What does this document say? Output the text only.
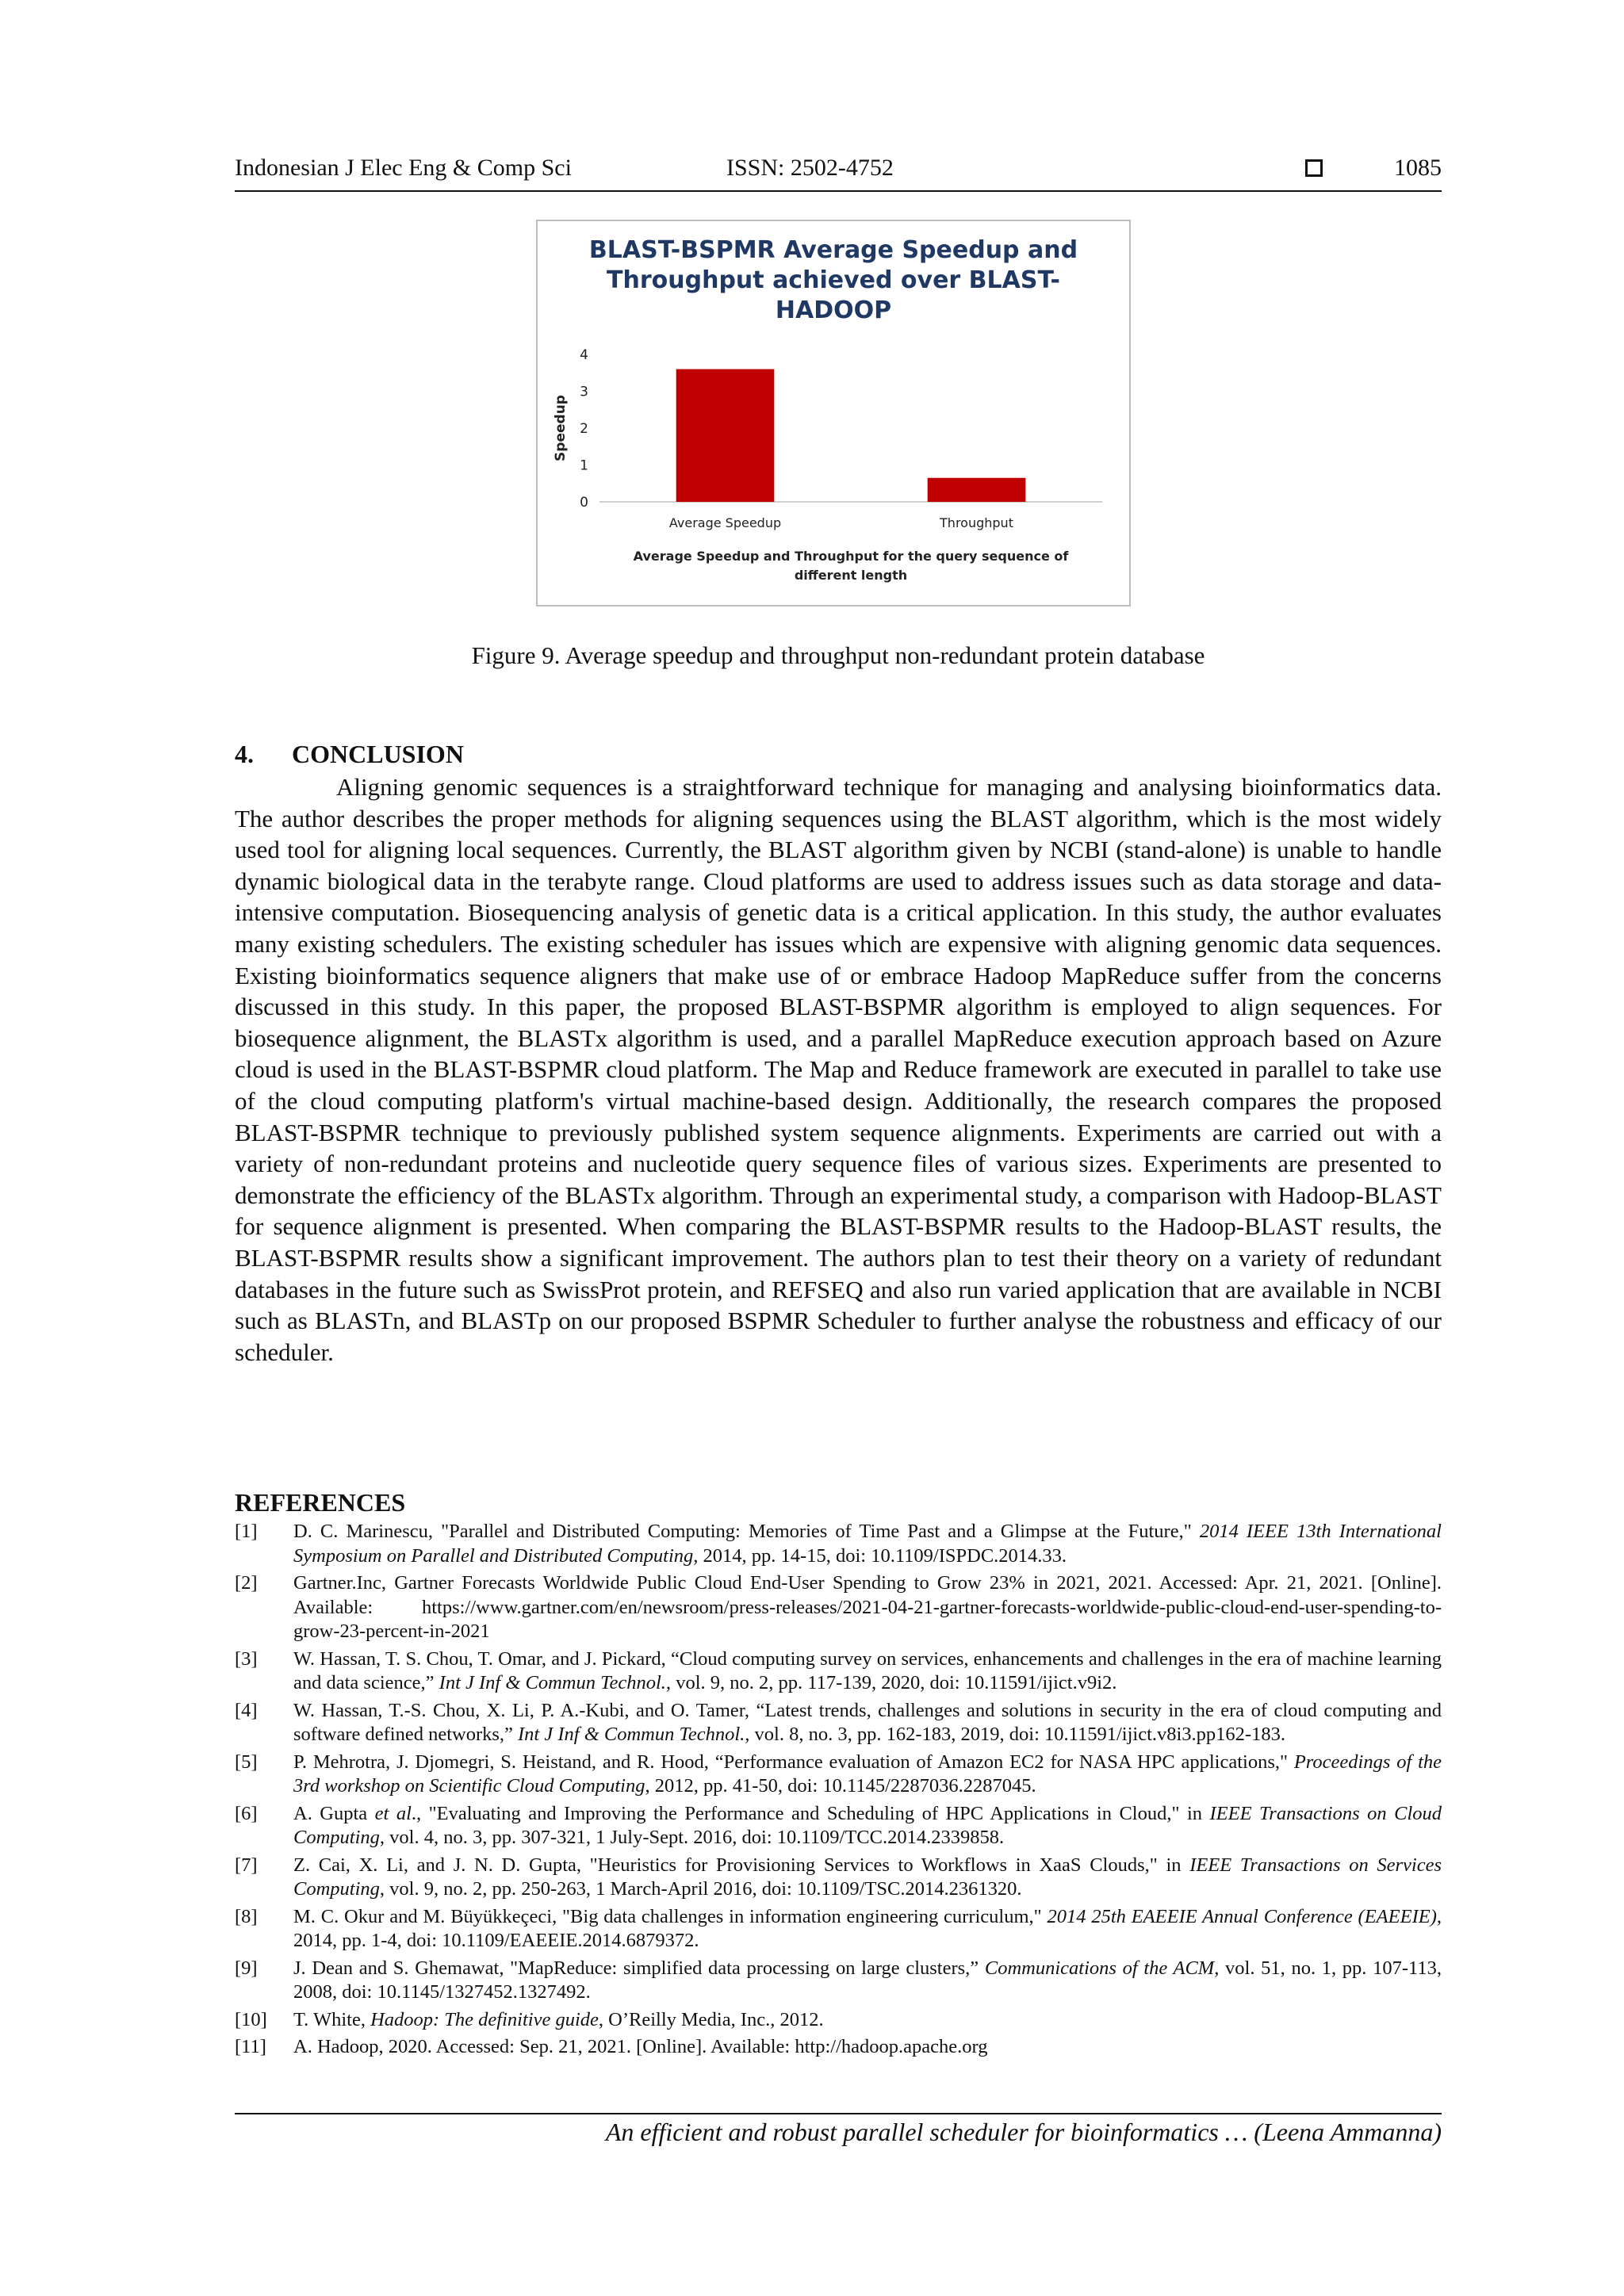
Indonesian J Elec Eng & Comp Sci	ISSN: 2502-4752	1085
BLAST-BSPMR Average Speedup and
Throughput achieved over BLAST-
HADOOP
0
1
2
3
4
Speedup
Average Speedup	Throughput
Average Speedup and Throughput for the query sequence of
different length
Figure 9. Average speedup and throughput non-redundant protein database
4. CONCLUSION

Aligning genomic sequences is a straightforward technique for managing and analysing bioinformatics data. The author describes the proper methods for aligning sequences using the BLAST algorithm, which is the most widely used tool for aligning local sequences. Currently, the BLAST algorithm given by NCBI (stand-alone) is unable to handle dynamic biological data in the terabyte range. Cloud platforms are used to address issues such as data storage and data-intensive computation. Biosequencing analysis of genetic data is a critical application. In this study, the author evaluates many existing schedulers. The existing scheduler has issues which are expensive with aligning genomic data sequences. Existing bioinformatics sequence aligners that make use of or embrace Hadoop MapReduce suffer from the concerns discussed in this study. In this paper, the proposed BLAST-BSPMR algorithm is employed to align sequences. For biosequence alignment, the BLASTx algorithm is used, and a parallel MapReduce execution approach based on Azure cloud is used in the BLAST-BSPMR cloud platform. The Map and Reduce framework are executed in parallel to take use of the cloud computing platform's virtual machine-based design. Additionally, the research compares the proposed BLAST-BSPMR technique to previously published system sequence alignments. Experiments are carried out with a variety of non-redundant proteins and nucleotide query sequence files of various sizes. Experiments are presented to demonstrate the efficiency of the BLASTx algorithm. Through an experimental study, a comparison with Hadoop-BLAST for sequence alignment is presented. When comparing the BLAST-BSPMR results to the Hadoop-BLAST results, the BLAST-BSPMR results show a significant improvement. The authors plan to test their theory on a variety of redundant databases in the future such as SwissProt protein, and REFSEQ and also run varied application that are available in NCBI such as BLASTn, and BLASTp on our proposed BSPMR Scheduler to further analyse the robustness and efficacy of our scheduler.

REFERENCES
[1]	D. C. Marinescu, "Parallel and Distributed Computing: Memories of Time Past and a Glimpse at the Future," 2014 IEEE 13th International Symposium on Parallel and Distributed Computing, 2014, pp. 14-15, doi: 10.1109/ISPDC.2014.33.
[2]	Gartner.Inc, Gartner Forecasts Worldwide Public Cloud End-User Spending to Grow 23% in 2021, 2021. Accessed: Apr. 21, 2021. [Online]. Available: https://www.gartner.com/en/newsroom/press-releases/2021-04-21-gartner-forecasts-worldwide-public-cloud-end-user-spending-to-grow-23-percent-in-2021
[3]	W. Hassan, T. S. Chou, T. Omar, and J. Pickard, “Cloud computing survey on services, enhancements and challenges in the era of machine learning and data science,” Int J Inf & Commun Technol., vol. 9, no. 2, pp. 117-139, 2020, doi: 10.11591/ijict.v9i2.
[4]	W. Hassan, T.-S. Chou, X. Li, P. A.-Kubi, and O. Tamer, “Latest trends, challenges and solutions in security in the era of cloud computing and software defined networks,” Int J Inf & Commun Technol., vol. 8, no. 3, pp. 162-183, 2019, doi: 10.11591/ijict.v8i3.pp162-183.
[5]	P. Mehrotra, J. Djomegri, S. Heistand, and R. Hood, “Performance evaluation of Amazon EC2 for NASA HPC applications," Proceedings of the 3rd workshop on Scientific Cloud Computing, 2012, pp. 41-50, doi: 10.1145/2287036.2287045.
[6]	A. Gupta et al., "Evaluating and Improving the Performance and Scheduling of HPC Applications in Cloud," in IEEE Transactions on Cloud Computing, vol. 4, no. 3, pp. 307-321, 1 July-Sept. 2016, doi: 10.1109/TCC.2014.2339858.
[7]	Z. Cai, X. Li, and J. N. D. Gupta, "Heuristics for Provisioning Services to Workflows in XaaS Clouds," in IEEE Transactions on Services Computing, vol. 9, no. 2, pp. 250-263, 1 March-April 2016, doi: 10.1109/TSC.2014.2361320.
[8]	M. C. Okur and M. Büyükkeçeci, "Big data challenges in information engineering curriculum," 2014 25th EAEEIE Annual Conference (EAEEIE), 2014, pp. 1-4, doi: 10.1109/EAEEIE.2014.6879372.
[9]	J. Dean and S. Ghemawat, "MapReduce: simplified data processing on large clusters,” Communications of the ACM, vol. 51, no. 1, pp. 107-113, 2008, doi: 10.1145/1327452.1327492.
[10]	T. White, Hadoop: The definitive guide, O’Reilly Media, Inc., 2012.
[11]	A. Hadoop, 2020. Accessed: Sep. 21, 2021. [Online]. Available: http://hadoop.apache.org
An efficient and robust parallel scheduler for bioinformatics … (Leena Ammanna)
